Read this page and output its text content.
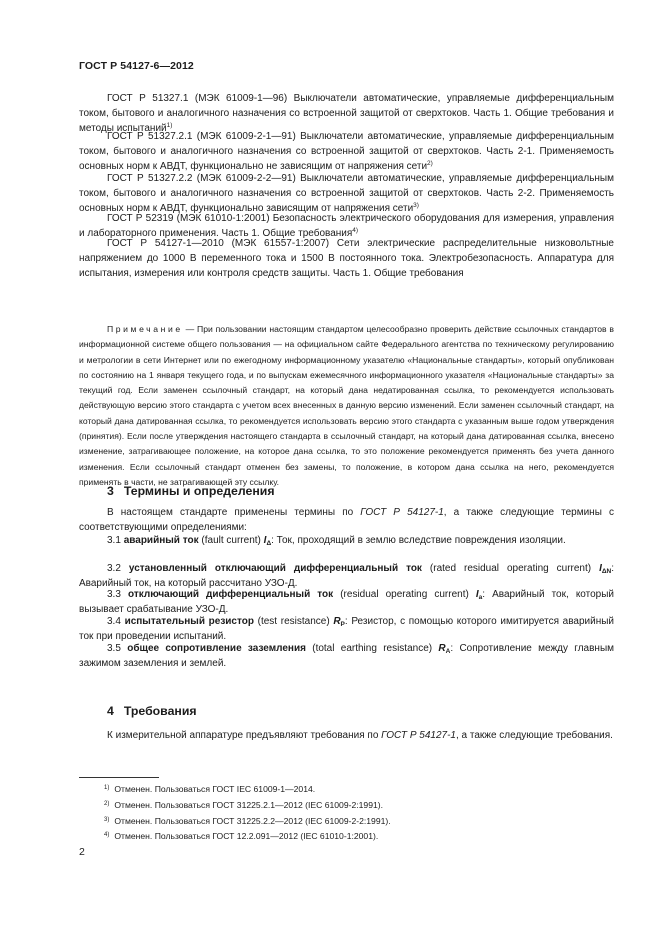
ГОСТ Р 54127-6—2012
ГОСТ Р 51327.1 (МЭК 61009-1—96) Выключатели автоматические, управляемые дифференциальным током, бытового и аналогичного назначения со встроенной защитой от сверхтоков. Часть 1. Общие требования и методы испытаний$^{1)}$
ГОСТ Р 51327.2.1 (МЭК 61009-2-1—91) Выключатели автоматические, управляемые дифференциальным током, бытового и аналогичного назначения со встроенной защитой от сверхтоков. Часть 2-1. Применяемость основных норм к АВДТ, функционально не зависящим от напряжения сети$^{2)}$
ГОСТ Р 51327.2.2 (МЭК 61009-2-2—91) Выключатели автоматические, управляемые дифференциальным током, бытового и аналогичного назначения со встроенной защитой от сверхтоков. Часть 2-2. Применяемость основных норм к АВДТ, функционально зависящим от напряжения сети$^{3)}$
ГОСТ Р 52319 (МЭК 61010-1:2001) Безопасность электрического оборудования для измерения, управления и лабораторного применения. Часть 1. Общие требования$^{4)}$
ГОСТ Р 54127-1—2010 (МЭК 61557-1:2007) Сети электрические распределительные низковольтные напряжением до 1000 В переменного тока и 1500 В постоянного тока. Электробезопасность. Аппаратура для испытания, измерения или контроля средств защиты. Часть 1. Общие требования
Примечание — При пользовании настоящим стандартом целесообразно проверить действие ссылочных стандартов в информационной системе общего пользования — на официальном сайте Федерального агентства по техническому регулированию и метрологии в сети Интернет или по ежегодному информационному указателю «Национальные стандарты», который опубликован по состоянию на 1 января текущего года, и по выпускам ежемесячного информационного указателя «Национальные стандарты» за текущий год. Если заменен ссылочный стандарт, на который дана недатированная ссылка, то рекомендуется использовать действующую версию этого стандарта с учетом всех внесенных в данную версию изменений. Если заменен ссылочный стандарт, на который дана датированная ссылка, то рекомендуется использовать версию этого стандарта с указанным выше годом утверждения (принятия). Если после утверждения настоящего стандарта в ссылочный стандарт, на который дана датированная ссылка, внесено изменение, затрагивающее положение, на которое дана ссылка, то это положение рекомендуется применять без учета данного изменения. Если ссылочный стандарт отменен без замены, то положение, в котором дана ссылка на него, рекомендуется применять в части, не затрагивающей эту ссылку.
3 Термины и определения
В настоящем стандарте применены термины по ГОСТ Р 54127-1, а также следующие термины с соответствующими определениями:
3.1 аварийный ток (fault current) $I_\Delta$: Ток, проходящий в землю вследствие повреждения изоляции.
3.2 установленный отключающий дифференциальный ток (rated residual operating current) $I_{\Delta N}$: Аварийный ток, на который рассчитано УЗО-Д.
3.3 отключающий дифференциальный ток (residual operating current) $I_a$: Аварийный ток, который вызывает срабатывание УЗО-Д.
3.4 испытательный резистор (test resistance) $R_P$: Резистор, с помощью которого имитируется аварийный ток при проведении испытаний.
3.5 общее сопротивление заземления (total earthing resistance) $R_A$: Сопротивление между главным зажимом заземления и землей.
4 Требования
К измерительной аппаратуре предъявляют требования по ГОСТ Р 54127-1, а также следующие требования.
$^{1)}$ Отменен. Пользоваться ГОСТ IEC 61009-1—2014.
$^{2)}$ Отменен. Пользоваться ГОСТ 31225.2.1—2012 (IEC 61009-2:1991).
$^{3)}$ Отменен. Пользоваться ГОСТ 31225.2.2—2012 (IEC 61009-2-2:1991).
$^{4)}$ Отменен. Пользоваться ГОСТ 12.2.091—2012 (IEC 61010-1:2001).
2
